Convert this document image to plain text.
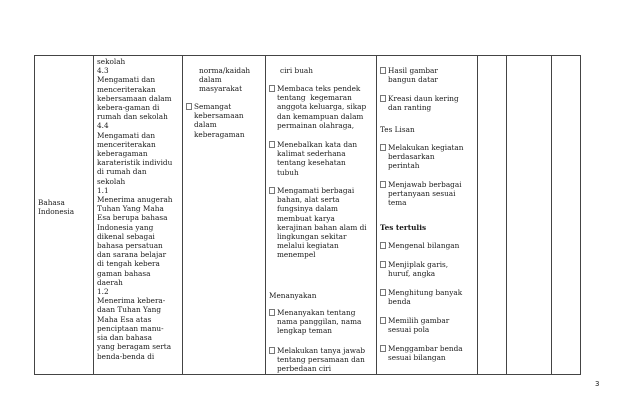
Bahasa
Indonesia

sekolah
4.3
Mengamati dan
menceriterakan
kebersamaan dalam
kebera-gaman di
rumah dan sekolah
4.4
Mengamati dan
menceriterakan
keberagaman
karateristik individu
di rumah dan
sekolah
1.1
Menerima anugerah
Tuhan Yang Maha
Esa berupa bahasa
Indonesia yang
dikenal sebagai
bahasa persatuan
dan sarana belajar
di tengah kebera
gaman bahasa
daerah
1.2
Menerima kebera-
daan Tuhan Yang
Maha Esa atas
penciptaan manu-
sia dan bahasa
yang beragam serta
benda-benda di

norma/kaidah
dalam
masyarakat
Semangat
kebersamaan
dalam
keberagaman

ciri buah
Membaca teks pendek
tentang  kegemaran
anggota keluarga, sikap
dan kemampuan dalam
permainan olahraga,
Menebalkan kata dan
kalimat sederhana
tentang kesehatan
tubuh
Mengamati berbagai
bahan, alat serta
fungsinya dalam
membuat karya
kerajinan bahan alam di
lingkungan sekitar
melalui kegiatan
menempel
Menanyakan
Menanyakan tentang
nama panggilan, nama
lengkap teman
Melakukan tanya jawab
tentang persamaan dan
perbedaan ciri

Hasil gambar
bangun datar
Kreasi daun kering
dan ranting
Tes Lisan
Melakukan kegiatan
berdasarkan
perintah
Menjawab berbagai
pertanyaan sesuai
tema
Tes tertulis
Mengenal bilangan
Menjiplak garis,
huruf, angka
Menghitung banyak
benda
Memilih gambar
sesuai pola
Menggambar benda
sesuai bilangan

3
